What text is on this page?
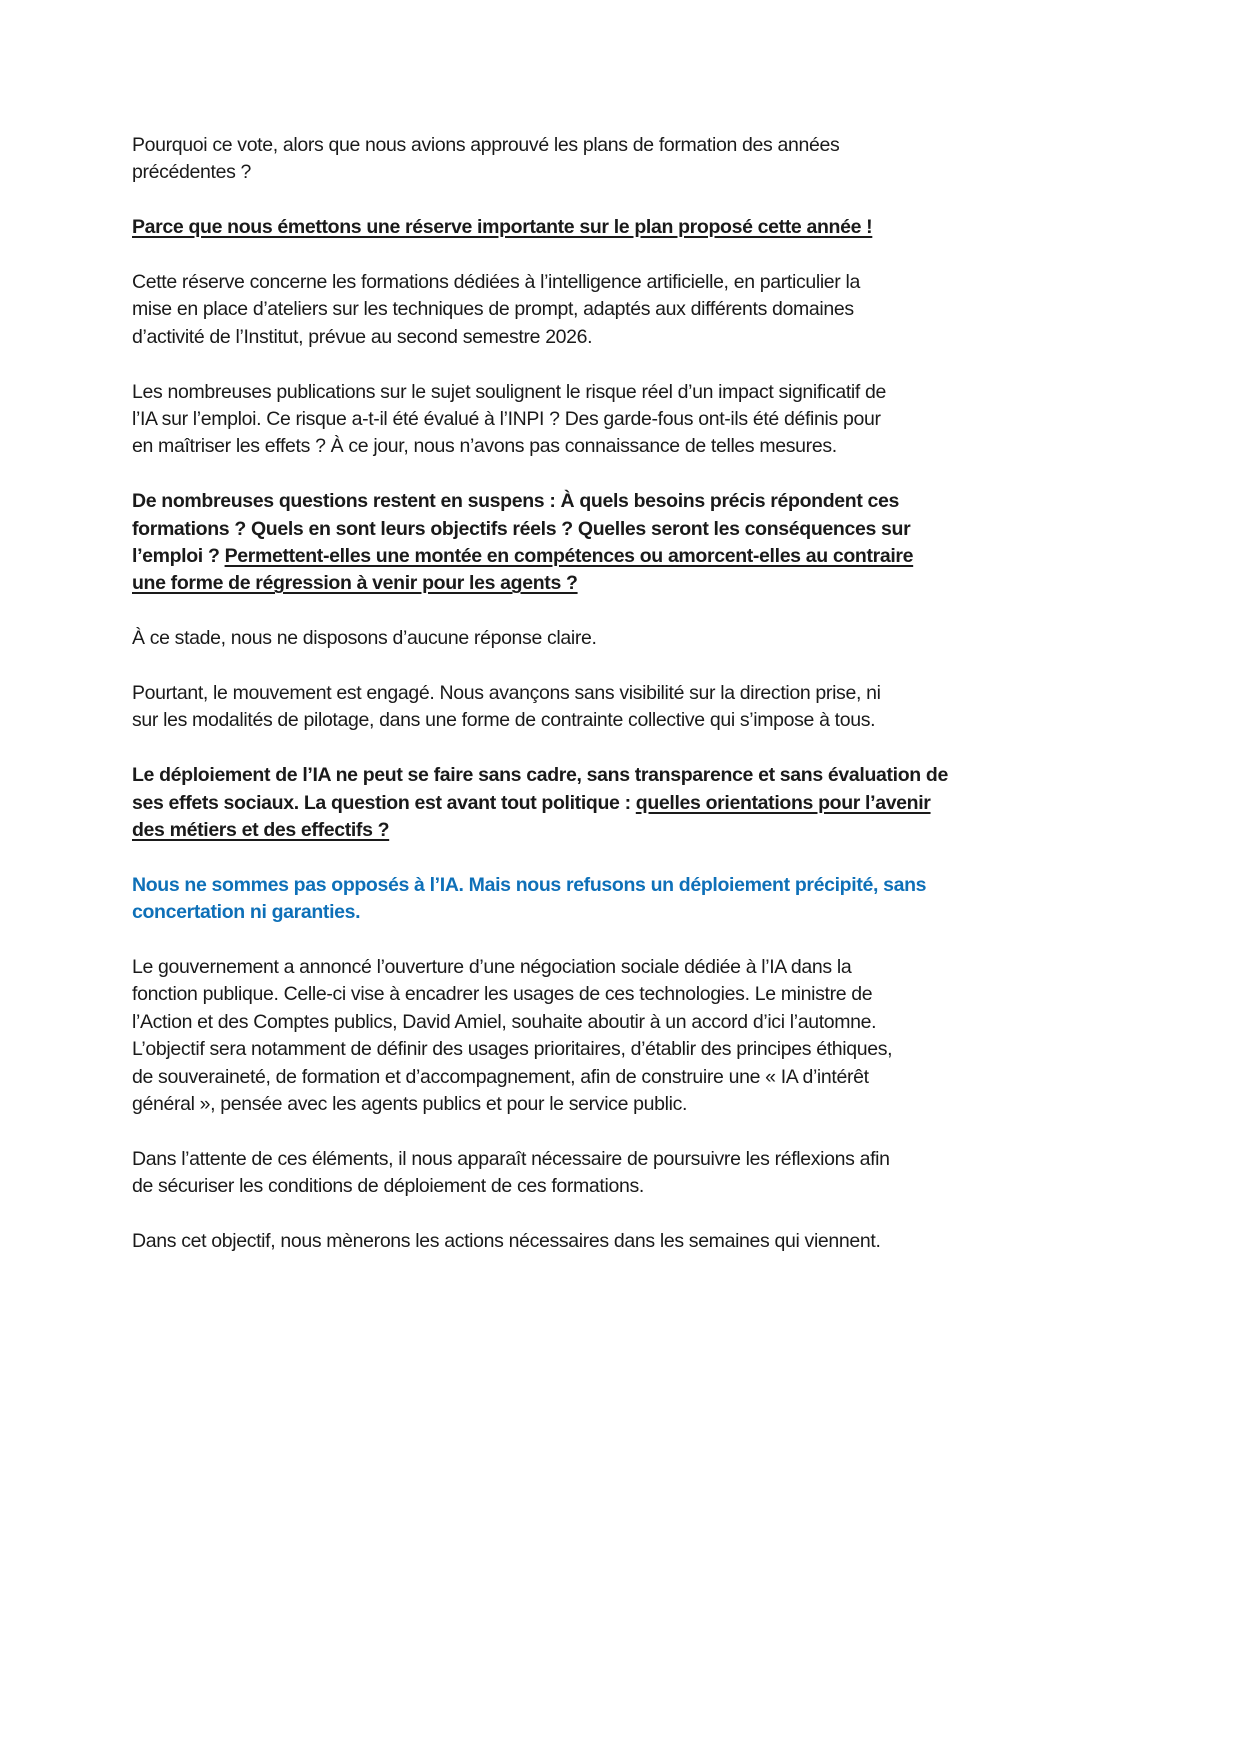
Pourquoi ce vote, alors que nous avions approuvé les plans de formation des années
précédentes ?

Parce que nous émettons une réserve importante sur le plan proposé cette année !

Cette réserve concerne les formations dédiées à l’intelligence artificielle, en particulier la
mise en place d’ateliers sur les techniques de prompt, adaptés aux différents domaines
d’activité de l’Institut, prévue au second semestre 2026.

Les nombreuses publications sur le sujet soulignent le risque réel d’un impact significatif de
l’IA sur l’emploi. Ce risque a-t-il été évalué à l’INPI ? Des garde-fous ont-ils été définis pour
en maîtriser les effets ? À ce jour, nous n’avons pas connaissance de telles mesures.

De nombreuses questions restent en suspens : À quels besoins précis répondent ces
formations ? Quels en sont leurs objectifs réels ? Quelles seront les conséquences sur
l’emploi ? Permettent-elles une montée en compétences ou amorcent-elles au contraire
une forme de régression à venir pour les agents ?

À ce stade, nous ne disposons d’aucune réponse claire.

Pourtant, le mouvement est engagé. Nous avançons sans visibilité sur la direction prise, ni
sur les modalités de pilotage, dans une forme de contrainte collective qui s’impose à tous.

Le déploiement de l’IA ne peut se faire sans cadre, sans transparence et sans évaluation de
ses effets sociaux. La question est avant tout politique : quelles orientations pour l’avenir
des métiers et des effectifs ?

Nous ne sommes pas opposés à l’IA. Mais nous refusons un déploiement précipité, sans
concertation ni garanties.

Le gouvernement a annoncé l’ouverture d’une négociation sociale dédiée à l’IA dans la
fonction publique. Celle-ci vise à encadrer les usages de ces technologies. Le ministre de
l’Action et des Comptes publics, David Amiel, souhaite aboutir à un accord d’ici l’automne.
L’objectif sera notamment de définir des usages prioritaires, d’établir des principes éthiques,
de souveraineté, de formation et d’accompagnement, afin de construire une « IA d’intérêt
général », pensée avec les agents publics et pour le service public.

Dans l’attente de ces éléments, il nous apparaît nécessaire de poursuivre les réflexions afin
de sécuriser les conditions de déploiement de ces formations.

Dans cet objectif, nous mènerons les actions nécessaires dans les semaines qui viennent.
